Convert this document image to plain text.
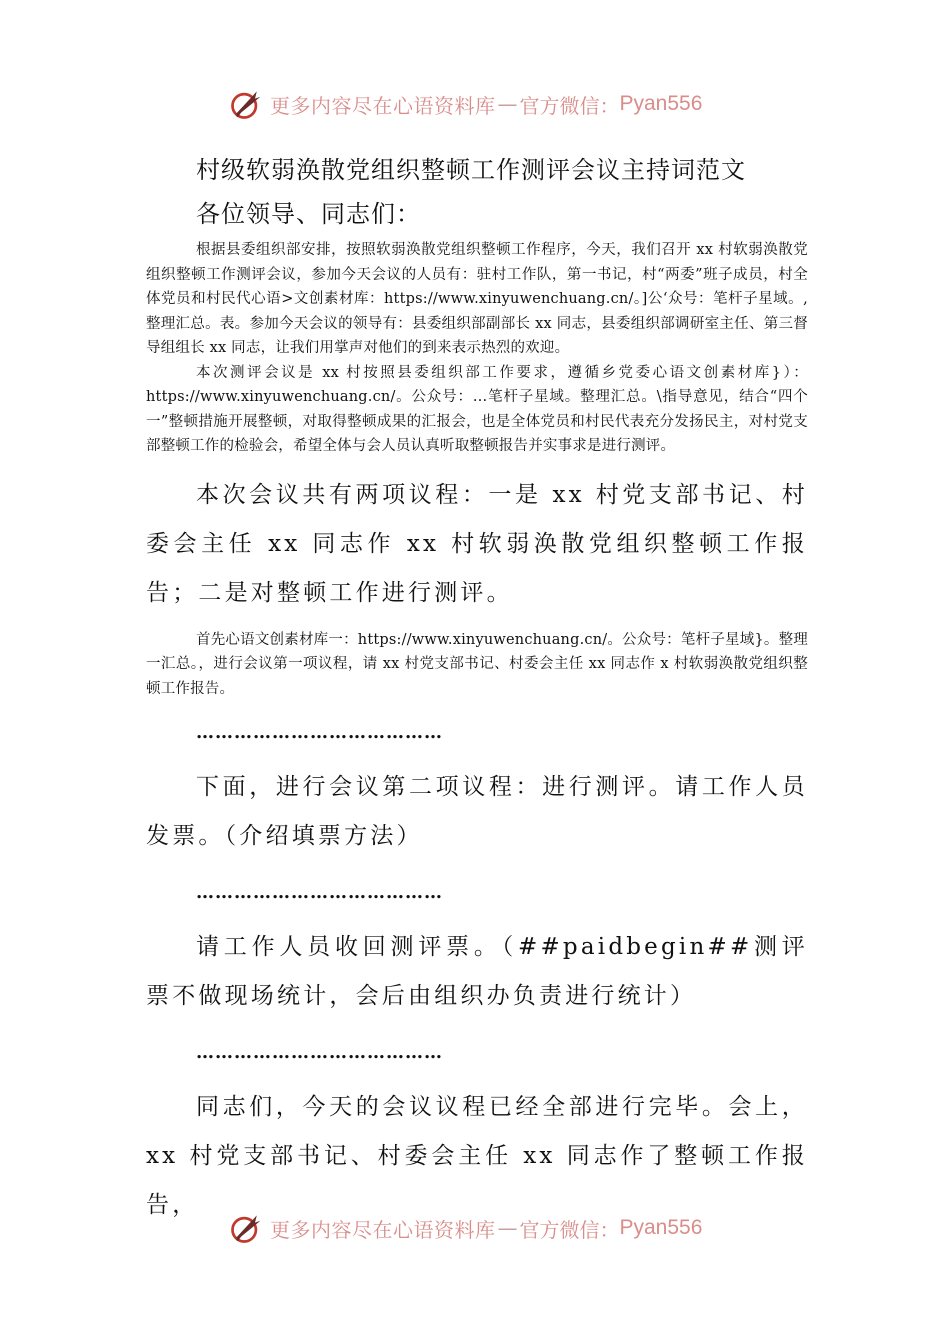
更多内容尽在心语资料库 — 官方微信： Pyan556
村级软弱涣散党组织整顿工作测评会议主持词范文

各位领导、同志们：

根据县委组织部安排，按照软弱涣散党组织整顿工作程序，今天，我们召开 xx 村软弱涣散党组织整顿工作测评会议，参加今天会议的人员有：驻村工作队，第一书记，村“两委”班子成员，村全体党员和村民代心语>文创素材库：https://www.xinyuwenchuang.cn/。]公‘众号：笔杆子星域。,整理汇总。表。参加今天会议的领导有：县委组织部副部长 xx 同志，县委组织部调研室主任、第三督导组组长 xx 同志，让我们用掌声对他们的到来表示热烈的欢迎。

本次测评会议是 xx 村按照县委组织部工作要求，遵循乡党委心语文创素材库}）：https://www.xinyuwenchuang.cn/。公众号：…笔杆子星域。整理汇总。\指导意见，结合“四个一”整顿措施开展整顿，对取得整顿成果的汇报会，也是全体党员和村民代表充分发扬民主，对村党支部整顿工作的检验会，希望全体与会人员认真听取整顿报告并实事求是进行测评。

本次会议共有两项议程：一是 xx 村党支部书记、村委会主任 xx 同志作 xx 村软弱涣散党组织整顿工作报告；二是对整顿工作进行测评。

首先心语文创素材库一：https://www.xinyuwenchuang.cn/。公众号：笔杆子星域}。整理一汇总。，进行会议第一项议程，请 xx 村党支部书记、村委会主任 xx 同志作 x 村软弱涣散党组织整顿工作报告。

…………………………………

下面，进行会议第二项议程：进行测评。请工作人员发票。（介绍填票方法）

…………………………………

请工作人员收回测评票。（##paidbegin##测评票不做现场统计，会后由组织办负责进行统计）

…………………………………

同志们，今天的会议议程已经全部进行完毕。会上，xx 村党支部书记、村委会主任 xx 同志作了整顿工作报告，

更多内容尽在心语资料库 — 官方微信： Pyan556
